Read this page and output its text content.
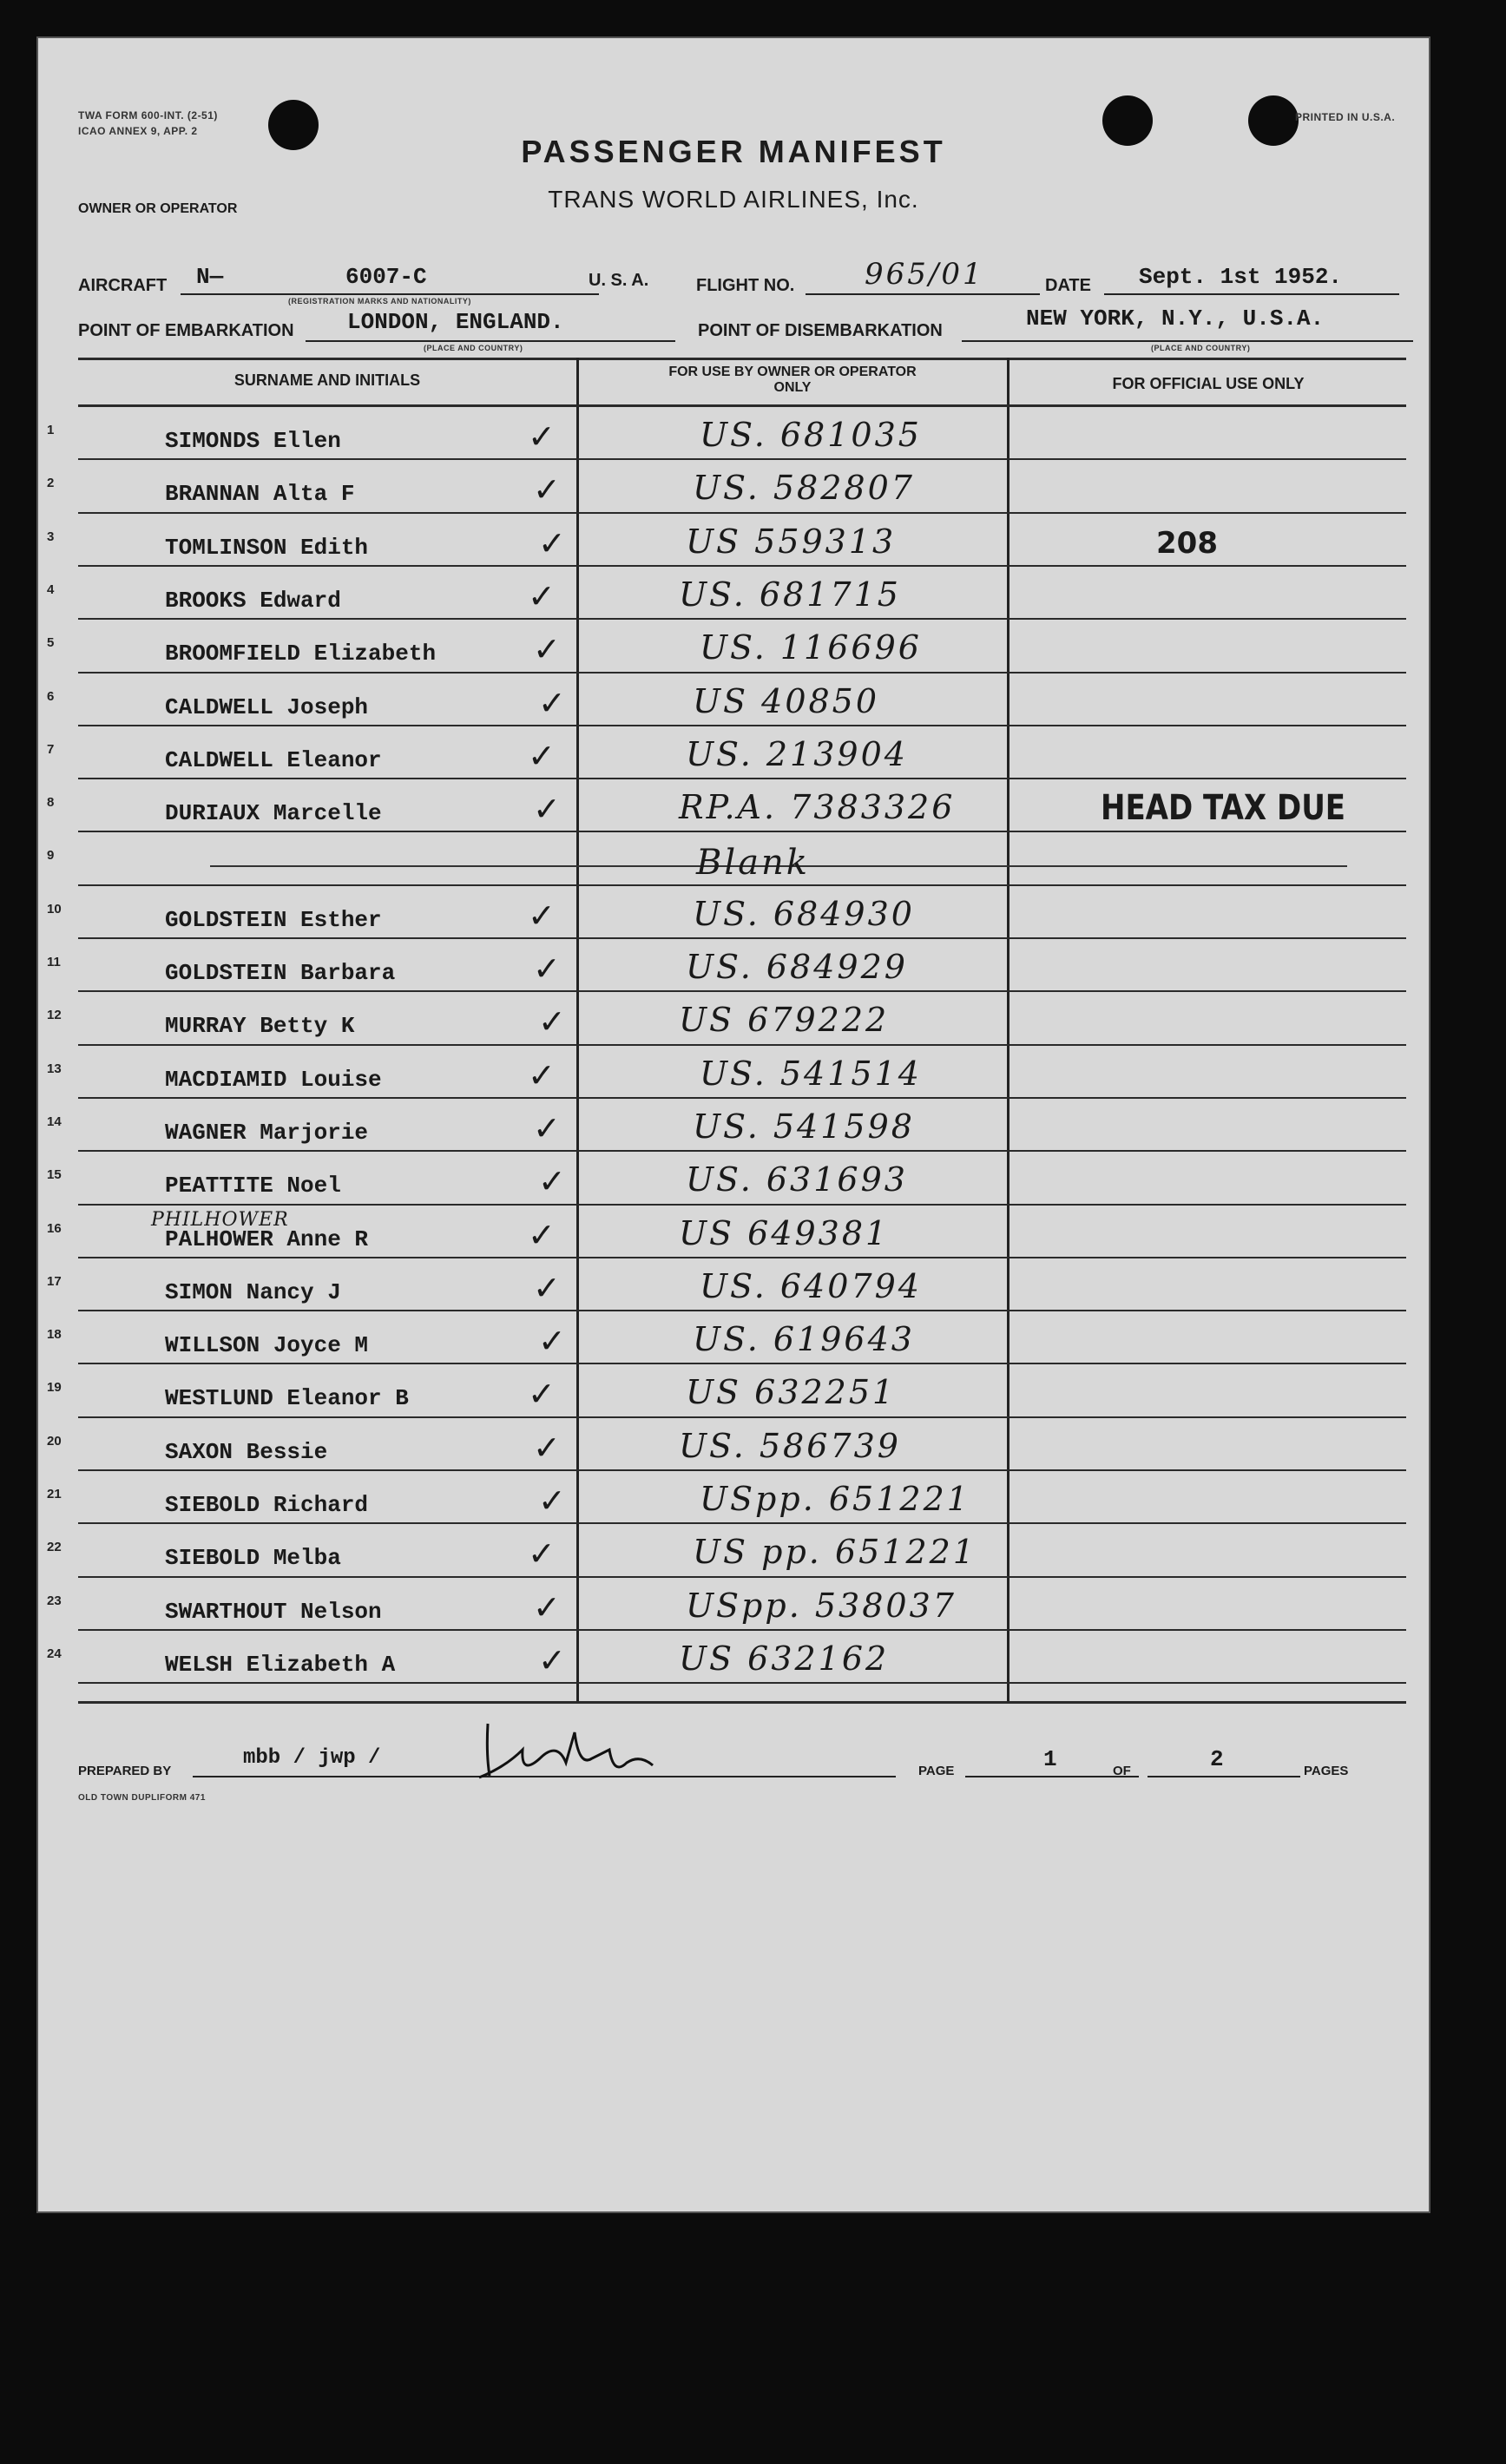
TWA FORM 600-INT. (2-51)
ICAO ANNEX 9, APP. 2
PRINTED IN U.S.A.
PASSENGER MANIFEST
TRANS WORLD AIRLINES, Inc.
OWNER OR OPERATOR
AIRCRAFT N—	6007-C	U. S. A.
(REGISTRATION MARKS AND NATIONALITY)
FLIGHT NO. 965/01	DATE Sept. 1st 1952.
POINT OF EMBARKATION LONDON, ENGLAND.
(PLACE AND COUNTRY)
POINT OF DISEMBARKATION	NEW YORK, N.Y., U.S.A.
(PLACE AND COUNTRY)
SURNAME AND INITIALS	FOR USE BY OWNER OR OPERATOR ONLY	FOR OFFICIAL USE ONLY
1	SIMONDS Ellen	✓	US. 681035
2	BRANNAN Alta F	✓	US. 582807
3	TOMLINSON Edith	✓	US 559313	208
4	BROOKS Edward	✓	US. 681715
5	BROOMFIELD Elizabeth	✓	US. 116696
6	CALDWELL Joseph	✓	US 40850
7	CALDWELL Eleanor	✓	US. 213904
8	DURIAUX Marcelle	✓	RP.A. 7383326	HEAD TAX DUE
9	Blank
10	GOLDSTEIN Esther	✓	US. 684930
11	GOLDSTEIN Barbara	✓	US. 684929
12	MURRAY Betty K	✓	US 679222
13	MACDIAMID Louise	✓	US. 541514
14	WAGNER Marjorie	✓	US. 541598
15	PEATTITE Noel	✓	US. 631693
16	PALHOWER Anne R	✓	US 649381
PHILHOWER
17	SIMON Nancy J	✓	US. 640794
18	WILLSON Joyce M	✓	US. 619643
19	WESTLUND Eleanor B	✓	US 632251
20	SAXON Bessie	✓	US. 586739
21	SIEBOLD Richard	✓	USpp. 651221
22	SIEBOLD Melba	✓	US pp. 651221
23	SWARTHOUT Nelson	✓	USpp. 538037
24	WELSH Elizabeth A	✓	US 632162
PREPARED BY
mbb / jwp /
PAGE	1	OF	2	PAGES
OLD TOWN DUPLIFORM 471
